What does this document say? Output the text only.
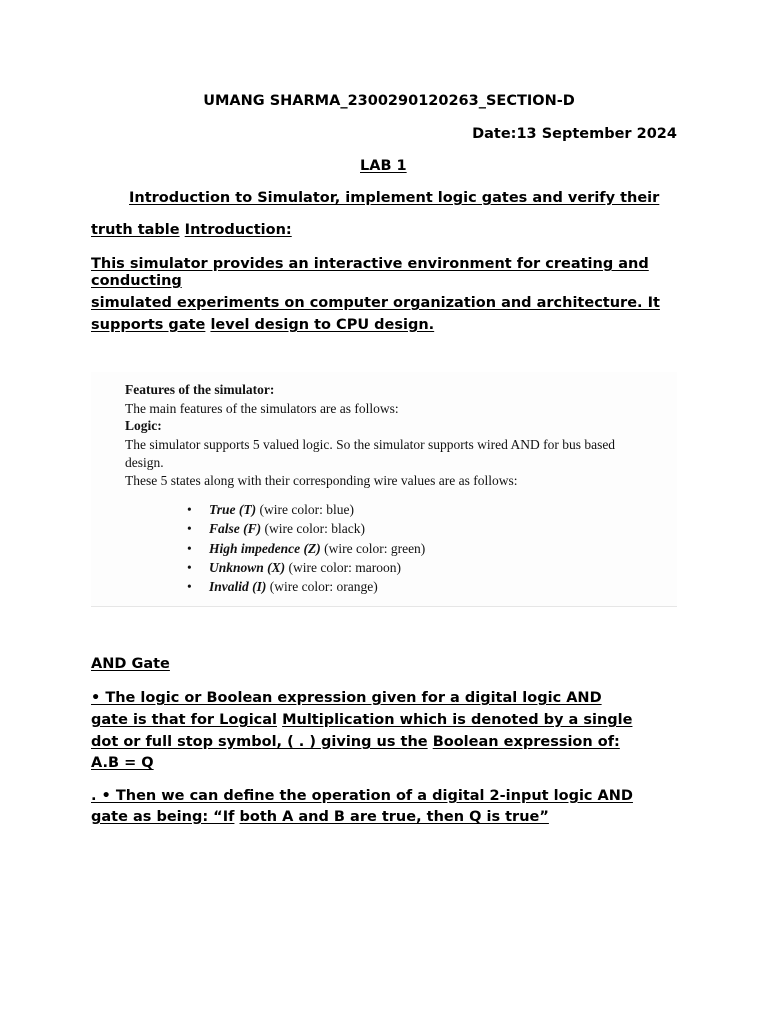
UMANG SHARMA_2300290120263_SECTION-D
Date:13 September 2024
LAB 1
Introduction to Simulator, implement logic gates and verify their
truth table Introduction:
This simulator provides an interactive environment for creating and
conducting
simulated experiments on computer organization and architecture. It
supports gate level design to CPU design.
Features of the simulator:
The main features of the simulators are as follows:
Logic:
The simulator supports 5 valued logic. So the simulator supports wired AND for bus based
design.
These 5 states along with their corresponding wire values are as follows:
• True (T) (wire color: blue)
• False (F) (wire color: black)
• High impedence (Z) (wire color: green)
• Unknown (X) (wire color: maroon)
• Invalid (I) (wire color: orange)
AND Gate
• The logic or Boolean expression given for a digital logic AND
gate is that for Logical Multiplication which is denoted by a single
dot or full stop symbol, ( . ) giving us the Boolean expression of:
A.B = Q
. • Then we can define the operation of a digital 2-input logic AND
gate as being: “If both A and B are true, then Q is true”
